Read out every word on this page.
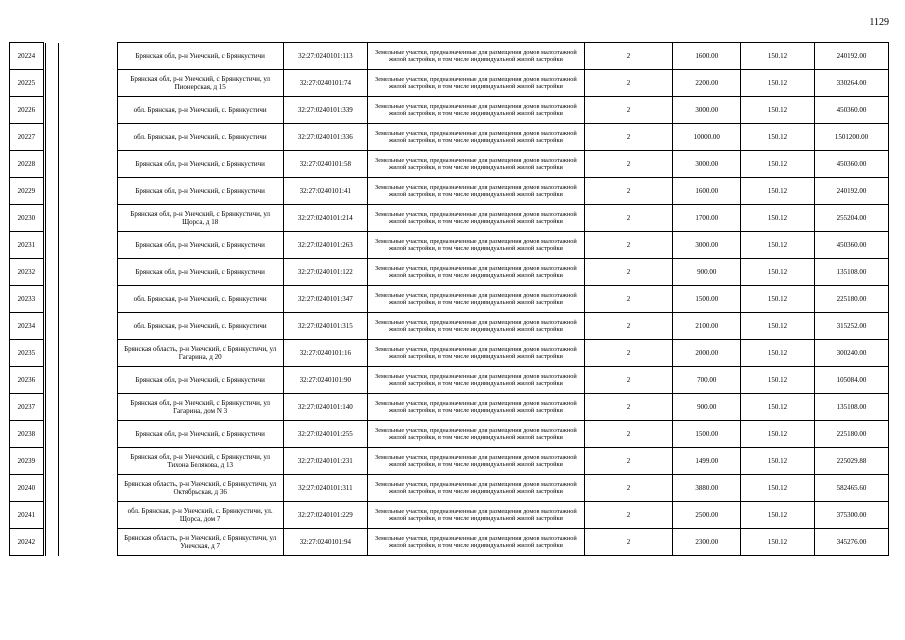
1129
20224				Брянская обл, р-н Унечский, с Брянкустичи	32:27:0240101:113	Земельные участки, предназначенные для размещения домов малоэтажной жилой застройки, в том числе индивидуальной жилой застройки	2	1600.00	150.12	240192.00
20225				Брянская обл, р-н Унечский, с Брянкустичи, ул Пионерская, д 15	32:27:0240101:74	Земельные участки, предназначенные для размещения домов малоэтажной жилой застройки, в том числе индивидуальной жилой застройки	2	2200.00	150.12	330264.00
20226				обл. Брянская, р-н Унечский, с. Брянкустичи	32:27:0240101:339	Земельные участки, предназначенные для размещения домов малоэтажной жилой застройки, в том числе индивидуальной жилой застройки	2	3000.00	150.12	450360.00
20227				обл. Брянская, р-н Унечский, с. Брянкустичи	32:27:0240101:336	Земельные участки, предназначенные для размещения домов малоэтажной жилой застройки, в том числе индивидуальной жилой застройки	2	10000.00	150.12	1501200.00
20228				Брянская обл, р-н Унечский, с Брянкустичи	32:27:0240101:58	Земельные участки, предназначенные для размещения домов малоэтажной жилой застройки, в том числе индивидуальной жилой застройки	2	3000.00	150.12	450360.00
20229				Брянская обл, р-н Унечский, с Брянкустичи	32:27:0240101:41	Земельные участки, предназначенные для размещения домов малоэтажной жилой застройки, в том числе индивидуальной жилой застройки	2	1600.00	150.12	240192.00
20230				Брянская обл, р-н Унечский, с Брянкустичи, ул Щорса, д 18	32:27:0240101:214	Земельные участки, предназначенные для размещения домов малоэтажной жилой застройки, в том числе индивидуальной жилой застройки	2	1700.00	150.12	255204.00
20231				Брянская обл, р-н Унечский, с Брянкустичи	32:27:0240101:263	Земельные участки, предназначенные для размещения домов малоэтажной жилой застройки, в том числе индивидуальной жилой застройки	2	3000.00	150.12	450360.00
20232				Брянская обл, р-н Унечский, с Брянкустичи	32:27:0240101:122	Земельные участки, предназначенные для размещения домов малоэтажной жилой застройки, в том числе индивидуальной жилой застройки	2	900.00	150.12	135108.00
20233				обл. Брянская, р-н Унечский, с. Брянкустичи	32:27:0240101:347	Земельные участки, предназначенные для размещения домов малоэтажной жилой застройки, в том числе индивидуальной жилой застройки	2	1500.00	150.12	225180.00
20234				обл. Брянская, р-н Унечский, с. Брянкустичи	32:27:0240101:315	Земельные участки, предназначенные для размещения домов малоэтажной жилой застройки, в том числе индивидуальной жилой застройки	2	2100.00	150.12	315252.00
20235				Брянская область, р-н Унечский, с Брянкустичи, ул Гагарина, д 20	32:27:0240101:16	Земельные участки, предназначенные для размещения домов малоэтажной жилой застройки, в том числе индивидуальной жилой застройки	2	2000.00	150.12	300240.00
20236				Брянская обл, р-н Унечский, с Брянкустичи	32:27:0240101:90	Земельные участки, предназначенные для размещения домов малоэтажной жилой застройки, в том числе индивидуальной жилой застройки	2	700.00	150.12	105084.00
20237				Брянская обл, р-н Унечский, с Брянкустичи, ул Гагарина, дом N 3	32:27:0240101:140	Земельные участки, предназначенные для размещения домов малоэтажной жилой застройки, в том числе индивидуальной жилой застройки	2	900.00	150.12	135108.00
20238				Брянская обл, р-н Унечский, с Брянкустичи	32:27:0240101:255	Земельные участки, предназначенные для размещения домов малоэтажной жилой застройки, в том числе индивидуальной жилой застройки	2	1500.00	150.12	225180.00
20239				Брянская обл, р-н Унечский, с Брянкустичи, ул Тихона Белякова, д 13	32:27:0240101:231	Земельные участки, предназначенные для размещения домов малоэтажной жилой застройки, в том числе индивидуальной жилой застройки	2	1499.00	150.12	225029.88
20240				Брянская область, р-н Унечский, с Брянкустичи, ул Октябрьская, д 36	32:27:0240101:311	Земельные участки, предназначенные для размещения домов малоэтажной жилой застройки, в том числе индивидуальной жилой застройки	2	3880.00	150.12	582465.60
20241				обл. Брянская, р-н Унечский, с. Брянкустичи, ул. Щорса, дом 7	32:27:0240101:229	Земельные участки, предназначенные для размещения домов малоэтажной жилой застройки, в том числе индивидуальной жилой застройки	2	2500.00	150.12	375300.00
20242				Брянская область, р-н Унечский, с Брянкустичи, ул Унечская, д 7	32:27:0240101:94	Земельные участки, предназначенные для размещения домов малоэтажной жилой застройки, в том числе индивидуальной жилой застройки	2	2300.00	150.12	345276.00
